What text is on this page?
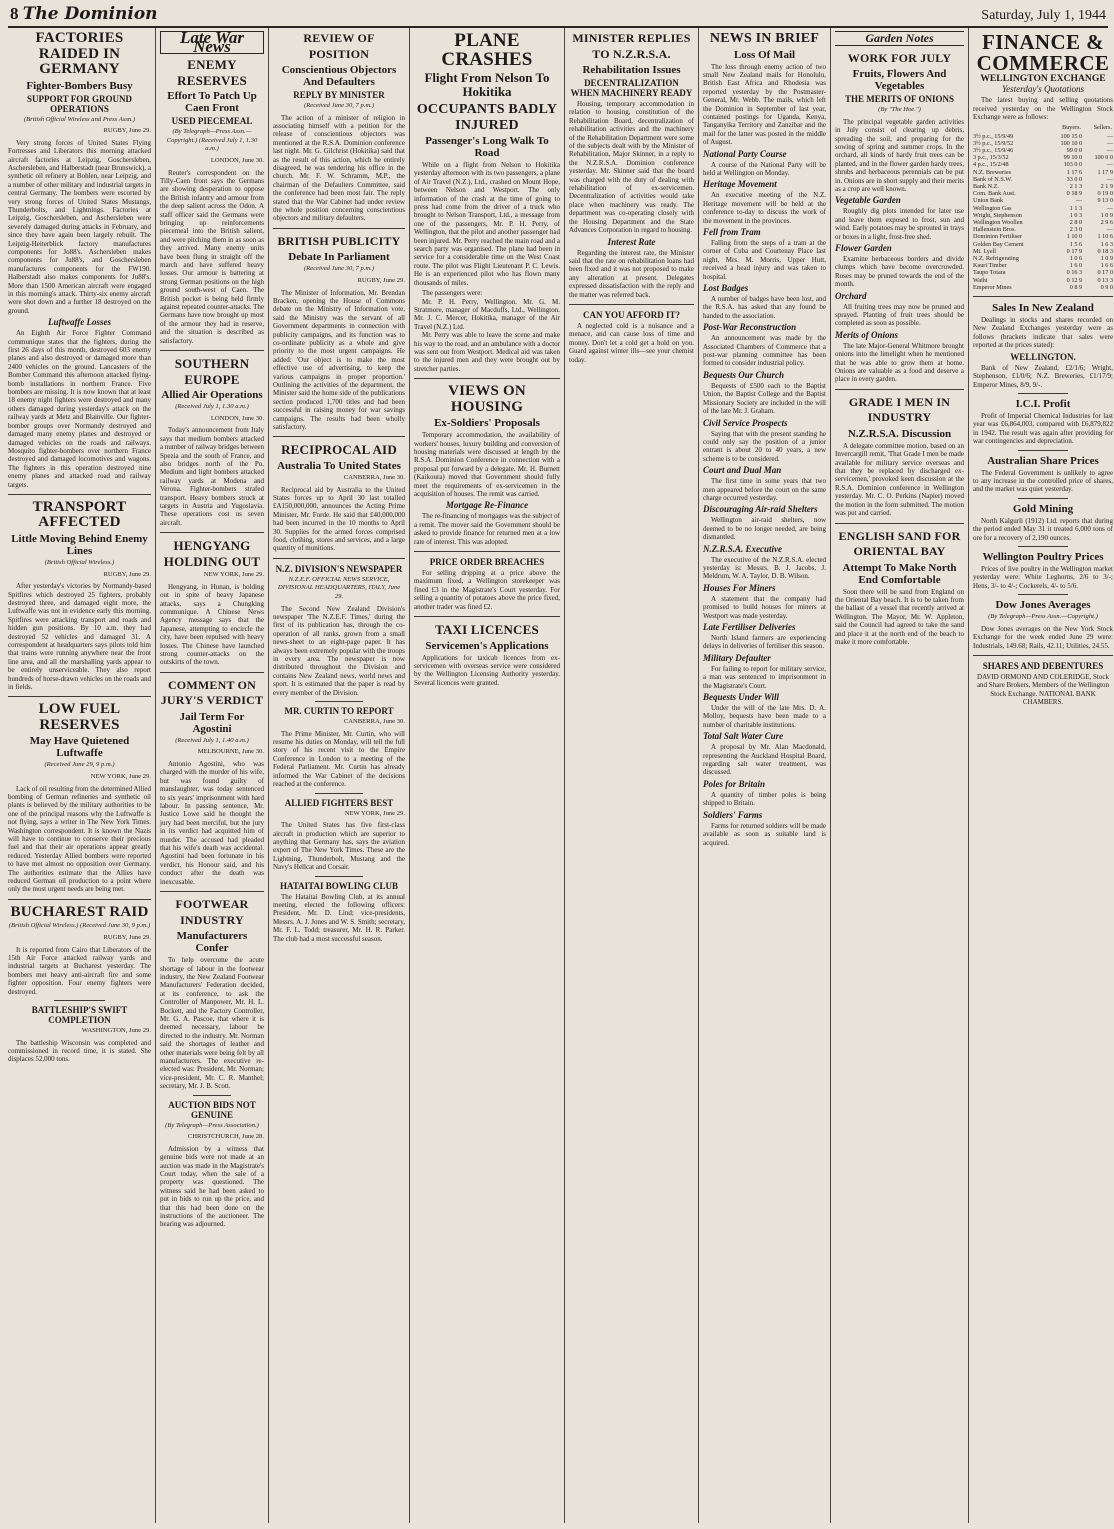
8 The Dominion	Saturday, July 1, 1944
FACTORIES RAIDED IN GERMANY
Fighter-Bombers Busy
SUPPORT FOR GROUND OPERATIONS
(British Official Wireless and Press Assn.)
RUGBY, June 29.

Very strong forces of United States Flying Fortresses and Liberators this morning attacked aircraft factories at Leipzig, Goschersleben, Aschersleben, and Halberstadt (near Brunswick), a synthetic oil refinery at Bohlen, near Leipzig, and a number of other military and industrial targets in central Germany. The bombers were escorted by very strong forces of United States Mustangs, Thunderbolts, and Lightnings. Factories at Leipzig, Goschersleben, and Aschersleben were severely damaged during attacks in February, and since they have again been largely rebuilt. The Leipzig-Heiterblick factory manufactures components for Jo88's. Aschersleben makes components for Ju88's, and Goschersleben manufactures components for the FW190. Halberstadt also makes components for Ju88's. More than 1500 American aircraft were engaged in this morning's attack. Thirty-six enemy aircraft were shot down and a further 18 destroyed on the ground.

Luftwaffe Losses

An Eighth Air Force Fighter Command communique states that the fighters, during the first 26 days of this month, destroyed 603 enemy planes and also destroyed or damaged more than 2400 vehicles on the ground. Lancasters of the Bomber Command this afternoon attacked flying-bomb installations in northern France. Five bombers are missing. It is now known that at least 18 enemy night fighters were destroyed and many others damaged during yesterday's attack on the railway yards at Metz and Blainville. Our fighter-bomber groups over Normandy destroyed and damaged many enemy planes and destroyed or damaged vehicles on the roads and railways. Mosquito fighter-bombers over northern France destroyed and damaged locomotives and wagons. The fighters in this operation destroyed nine enemy planes and attacked road and railway targets.

TRANSPORT AFFECTED
Little Moving Behind Enemy Lines
(British Official Wireless.)
RUGBY, June 29.

After yesterday's victories by Normandy-based Spitfires which destroyed 25 fighters, probably destroyed three, and damaged eight more, the Luftwaffe was not in evidence early this morning. Spitfires were attacking transport and roads and hidden gun positions. By 10 a.m. they had destroyed 52 vehicles and damaged 31. A correspondent at headquarters says pilots told him that trains were running anywhere near the front line area, and all the marshalling yards appear to be entirely unserviceable. They also report hundreds of horse-drawn vehicles on the roads and in fields.

LOW FUEL RESERVES
May Have Quietened Luftwaffe
(Received June 29, 9 p.m.)
NEW YORK, June 29.

Lack of oil resulting from the determined Allied bombing of German refineries and synthetic oil plants is believed by the military authorities to be one of the principal reasons why the Luftwaffe is not flying, says a writer in The New York Times. Washington correspondent. It is known the Nazis will have to continue to conserve their precious fuel and that their air operations appear greatly reduced. Yesterday Allied bombers were reported to have met almost no opposition over Germany. The authorities estimate that the Allies have reduced German oil production to a point where only the most urgent needs are being met.

BUCHAREST RAID
(British Official Wireless.) (Received June 30, 9 p.m.)
RUGBY, June 29.

It is reported from Cairo that Liberators of the 15th Air Force attacked railway yards and industrial targets at Bucharest yesterday. The bombers met heavy anti-aircraft fire and some fighter opposition. Four enemy fighters were destroyed.

BATTLESHIP'S SWIFT COMPLETION
WASHINGTON, June 29.

The battleship Wisconsin was completed and commissioned in record time, it is stated. She displaces 52,000 tons.

Late War News
ENEMY RESERVES
Effort To Patch Up Caen Front
USED PIECEMEAL
(By Telegraph—Press Assn.—Copyright.) (Received July 1, 1.30 a.m.)
LONDON, June 30.

Reuter's correspondent on the Tilly-Caen front says the Germans are showing desperation to oppose the British infantry and armour from the deep salient across the Odon. A staff officer said the Germans were bringing up reinforcements piecemeal into the British salient, and were pitching them in as soon as they arrived. Many enemy units have been flung in straight off the march and have suffered heavy losses. Our armour is battering at strong German positions on the high ground south-west of Caen. The British pocket is being held firmly against repeated counter-attacks. The Germans have now brought up most of the armour they had in reserve, and the situation is described as satisfactory.

SOUTHERN EUROPE
Allied Air Operations
(Received July 1, 1.30 a.m.)
LONDON, June 30.

Today's announcement from Italy says that medium bombers attacked a number of railway bridges between Spezia and the south of France, and also bridges north of the Po. Medium and light bombers attacked railway yards at Modena and Verona. Fighter-bombers strafed transport. Heavy bombers struck at targets in Austria and Yugoslavia. These operations cost us seven aircraft.

HENGYANG HOLDING OUT
NEW YORK, June 29.

Hengyang, in Hunan, is holding out in spite of heavy Japanese attacks, says a Chungking communique. A Chinese News Agency message says that the Japanese, attempting to encircle the city, have been repulsed with heavy losses. The Chinese have launched strong counter-attacks on the outskirts of the town.

COMMENT ON JURY'S VERDICT
Jail Term For Agostini
(Received July 1, 1.40 a.m.)
MELBOURNE, June 30.

Antonio Agostini, who was charged with the murder of his wife, but was found guilty of manslaughter, was today sentenced to six years' imprisonment with hard labour. In passing sentence, Mr. Justice Lowe said he thought the jury had been merciful, but the jury in its verdict had acquitted him of murder. The accused had pleaded that his wife's death was accidental. Agostini had been fortunate in his verdict, his Honour said, and his conduct after the death was inexcusable.

FOOTWEAR INDUSTRY
Manufacturers Confer

To help overcome the acute shortage of labour in the footwear industry, the New Zealand Footwear Manufacturers' Federation decided, at its conference, to ask the Controller of Manpower, Mr. H. L. Bockett, and the Factory Controller, Mr. G. A. Pascoe, that where it is deemed necessary, labour be directed to the industry. Mr. Norman said the shortages of leather and other materials were being felt by all manufacturers. The executive re-elected was: President, Mr. Norman; vice-president, Mr. C. R. Manthel; secretary, Mr. J. B. Scott.

AUCTION BIDS NOT GENUINE
(By Telegraph—Press Association.)
CHRISTCHURCH, June 28.

Admission by a witness that genuine bids were not made at an auction was made in the Magistrate's Court today, when the sale of a property was questioned. The witness said he had been asked to put in bids to run up the price, and that this had been done on the instructions of the auctioneer. The hearing was adjourned.

REVIEW OF POSITION
Conscientious Objectors And Defaulters
REPLY BY MINISTER
(Received June 30, 7 p.m.)

The action of a minister of religion in associating himself with a petition for the release of conscientious objectors was mentioned at the R.S.A. Dominion conference last night. Mr. G. Gilchrist (Hokitika) said that as the result of this action, which he entirely disagreed, he was tendering his office in the church. Mr. F. W. Schramm, M.P., the chairman of the Defaulters Committee, said the conference had been most fair. The reply stated that the War Cabinet had under review the whole position concerning conscientious objectors and military defaulters.

BRITISH PUBLICITY
Debate In Parliament
(Received June 30, 7 p.m.)
RUGBY, June 29.

The Minister of Information, Mr. Brendan Bracken, opening the House of Commons debate on the Ministry of Information vote, said the Ministry was the servant of all Government departments in connection with publicity campaigns, and its function was to co-ordinate publicity as a whole and give priority to the most urgent campaigns. He added: 'Our object is to make the most effective use of advertising, to keep the various campaigns in proper proportion.' Outlining the activities of the department, the Minister said the home side of the publications section produced 1,700 titles and had been successful in raising money for war savings campaigns. The results had been wholly satisfactory.

RECIPROCAL AID
Australia To United States
CANBERRA, June 30.

Reciprocal aid by Australia to the United States forces up to April 30 last totalled £A150,000,000, announces the Acting Prime Minister, Mr. Forde. He said that £40,000,000 had been incurred in the 10 months to April 30. Supplies for the armed forces comprised food, clothing, stores and services, and a large quantity of munitions.

N.Z. DIVISION'S NEWSPAPER
N.Z.E.F. OFFICIAL NEWS SERVICE, DIVISIONAL HEADQUARTERS, ITALY, June 29.

The Second New Zealand Division's newspaper 'The N.Z.E.F. Times,' during the first of its publication has, through the co-operation of all ranks, grown from a small news-sheet to an eight-page paper. It has always been extremely popular with the troops in every area. The newspaper is now distributed throughout the Division and contains New Zealand news, world news and sport. It is estimated that the paper is read by every member of the Division.

MR. CURTIN TO REPORT
CANBERRA, June 30.

The Prime Minister, Mr. Curtin, who will resume his duties on Monday, will tell the full story of his recent visit to the Empire Conference in London to a meeting of the Federal Parliament. Mr. Curtin has already informed the War Cabinet of the decisions reached at the conference.

ALLIED FIGHTERS BEST
NEW YORK, June 29.

The United States has five first-class aircraft in production which are superior to anything that Germany has, says the aviation expert of The New York Times. These are the Lightning, Thunderbolt, Mustang and the Navy's Hellcat and Corsair.

HATAITAI BOWLING CLUB

The Hataitai Bowling Club, at its annual meeting, elected the following officers: President, Mr. D. Lind; vice-presidents, Messrs. A. J. Jones and W. S. Smith; secretary, Mr. F. L. Todd; treasurer, Mr. H. R. Parker. The club had a most successful season.

PLANE CRASHES
Flight From Nelson To Hokitika
OCCUPANTS BADLY INJURED
Passenger's Long Walk To Road

While on a flight from Nelson to Hokitika yesterday afternoon with its two passengers, a plane of Air Travel (N.Z.), Ltd., crashed on Mount Hope, between Nelson and Westport. The only information of the crash at the time of going to press had come from the driver of a truck who brought to Nelson Transport, Ltd., a message from one of the passengers, Mr. P. H. Perry, of Wellington, that the pilot and another passenger had been injured. Mr. Perry reached the main road and a search party was organised. The plane had been in service for a considerable time on the West Coast route. The pilot was Flight Lieutenant P. C. Lewis. He is an experienced pilot who has flown many thousands of miles.

The passengers were:

Mr. P. H. Perry, Wellington. Mr. G. M. Stratmore, manager of Macduffs, Ltd., Wellington. Mr. J. C. Mercer, Hokitika, manager of the Air Travel (N.Z.) Ltd.

Mr. Perry was able to leave the scene and make his way to the road, and an ambulance with a doctor was sent out from Westport. Medical aid was taken to the injured men and they were brought out by stretcher parties.

VIEWS ON HOUSING
Ex-Soldiers' Proposals

Temporary accommodation, the availability of workers' houses, luxury building and conversion of housing materials were discussed at length by the R.S.A. Dominion Conference in connection with a proposal put forward by a delegate. Mr. H. Burnett (Kaikoura) moved that Government should fully meet the requirements of ex-servicemen in the acquisition of houses. The remit was carried.

Mortgage Re-Finance

The re-financing of mortgages was the subject of a remit. The mover said the Government should be asked to provide finance for returned men at a low rate of interest. This was adopted.

PRICE ORDER BREACHES

For selling dripping at a price above the maximum fixed, a Wellington storekeeper was fined £3 in the Magistrate's Court yesterday. For selling a quantity of potatoes above the price fixed, another trader was fined £2.

TAXI LICENCES
Servicemen's Applications

Applications for taxicab licences from ex-servicemen with overseas service were considered by the Wellington Licensing Authority yesterday. Several licences were granted.

MINISTER REPLIES TO N.Z.R.S.A.
Rehabilitation Issues
DECENTRALIZATION WHEN MACHINERY READY

Housing, temporary accommodation in relation to housing, constitution of the Rehabilitation Board, decentralization of rehabilitation activities and the machinery of the Rehabilitation Department were some of the subjects dealt with by the Minister of Rehabilitation, Major Skinner, in a reply to the N.Z.R.S.A. Dominion conference yesterday. Mr. Skinner said that the board was charged with the duty of dealing with rehabilitation of ex-servicemen. Decentralization of activities would take place when machinery was ready. The department was co-operating closely with the Housing Department and the State Advances Corporation in regard to housing.

Interest Rate

Regarding the interest rate, the Minister said that the rate on rehabilitation loans had been fixed and it was not proposed to make any alteration at present. Delegates expressed dissatisfaction with the reply and the matter was referred back.

CAN YOU AFFORD IT?

A neglected cold is a nuisance and a menace, and can cause loss of time and money. Don't let a cold get a hold on you. Guard against winter ills—see your chemist today.

NEWS IN BRIEF
Loss Of Mail

The loss through enemy action of two small New Zealand mails for Honolulu, British East Africa and Rhodesia was reported yesterday by the Postmaster-General, Mr. Webb. The mails, which left the Dominion in September of last year, contained postings for Uganda, Kenya, Tanganyika Territory and Zanzibar and the mail for the latter was posted in the middle of August.

National Party Course

A course of the National Party will be held at Wellington on Monday.

Heritage Movement

An executive meeting of the N.Z. Heritage movement will be held at the conference to-day to discuss the work of the movement in the provinces.

Fell from Tram

Falling from the steps of a tram at the corner of Cuba and Courtenay Place last night, Mrs. M. Morris, Upper Hutt, received a head injury and was taken to hospital.

Lost Badges

A number of badges have been lost, and the R.S.A. has asked that any found be handed to the association.

Post-War Reconstruction

An announcement was made by the Associated Chambers of Commerce that a post-war planning committee has been formed to consider industrial policy.

Bequests Our Church

Bequests of £500 each to the Baptist Union, the Baptist College and the Baptist Missionary Society are included in the will of the late Mr. J. Graham.

Civil Service Prospects

Saying that with the present standing he could only say the position of a junior entrant is about 20 to 40 years, a new scheme is to be considered.

Court and Dual Man

The first time in some years that two men appeared before the court on the same charge occurred yesterday.

Discouraging Air-raid Shelters

Wellington air-raid shelters, now deemed to be no longer needed, are being dismantled.

N.Z.R.S.A. Executive

The executive of the N.Z.R.S.A. elected yesterday is: Messrs. B. J. Jacobs, J. Meldrum, W. A. Taylor, D. B. Wilson.

Houses For Miners

A statement that the company had promised to build houses for miners at Westport was made yesterday.

Late Fertiliser Deliveries

North Island farmers are experiencing delays in deliveries of fertiliser this season.

Military Defaulter

For failing to report for military service, a man was sentenced to imprisonment in the Magistrate's Court.

Bequests Under Will

Under the will of the late Mrs. D. A. Molloy, bequests have been made to a number of charitable institutions.

Total Salt Water Cure

A proposal by Mr. Alan Macdonald, representing the Auckland Hospital Board, regarding salt water treatment, was discussed.

Poles for Britain

A quantity of timber poles is being shipped to Britain.

Soldiers' Farms

Farms for returned soldiers will be made available as soon as suitable land is acquired.

Garden Notes
WORK FOR JULY
Fruits, Flowers And Vegetables
THE MERITS OF ONIONS
(By "The Hoe.")

The principal vegetable garden activities in July consist of clearing up debris, spreading the soil, and preparing for the sowing of spring and summer crops. In the orchard, all kinds of hardy fruit trees can be planted, and in the flower garden hardy trees, shrubs and herbaceous perennials can be put in. Onions are in short supply and their merits as a crop are well known.

Vegetable Garden

Roughly dig plots intended for later use and leave them exposed to frost, sun and wind. Early potatoes may be sprouted in trays or boxes in a light, frost-free shed.

Flower Garden

Examine herbaceous borders and divide clumps which have become overcrowded. Roses may be pruned towards the end of the month.

Orchard

All fruiting trees may now be pruned and sprayed. Planting of fruit trees should be completed as soon as possible.

Merits of Onions

The late Major-General Whitmore brought onions into the limelight when he mentioned that he was able to grow them at home. Onions are valuable as a food and deserve a place in every garden.

GRADE I MEN IN INDUSTRY
N.Z.R.S.A. Discussion

A delegate committee motion, based on an Invercargill remit, 'That Grade I men be made available for military service overseas and that they be replaced by discharged ex-servicemen,' provoked keen discussion at the R.S.A. Dominion conference in Wellington yesterday. Mr. C. O. Perkins (Napier) moved the motion in the form submitted. The motion was put and carried.

ENGLISH SAND FOR ORIENTAL BAY
Attempt To Make North End Comfortable

Soon there will be sand from England on the Oriental Bay beach. It is to be taken from the ballast of a vessel that recently arrived at Wellington. The Mayor, Mr. W. Appleton, said the Council had agreed to take the sand and place it at the north end of the beach to make it more comfortable.

FINANCE & COMMERCE
WELLINGTON EXCHANGE
Yesterday's Quotations

The latest buying and selling quotations received yesterday on the Wellington Stock Exchange were as follows:

	Buyers.	Sellers.
3½ p.c., 15/9/49	100 15 0	—
3½ p.c., 15/9/52	100 10 0	—
3½ p.c., 15/9/46	99 0 0	—
3 p.c., 15/3/52	99 10 0	100 0 0
4 p.c., 15/2/48	103 0 0	—
N.Z. Breweries	1 17 6	1 17 9
Bank of N.S.W.	33 0 0	—
Bank N.Z.	2 1 3	2 1 9
Com. Bank Aust.	0 18 9	0 19 0
Union Bank	—	9 13 0
Wellington Gas	1 1 3	—
Wright, Stephenson	1 0 3	1 0 9
Wellington Woollen	2 8 0	2 9 6
Hallenstein Bros.	2 3 0	—
Dominion Fertiliser	1 10 0	1 10 6
Golden Bay Cement	1 5 6	1 6 3
Mt. Lyell	0 17 9	0 18 3
N.Z. Refrigerating	1 0 6	1 0 9
Kauri Timber	1 6 0	1 6 6
Taupo Totara	0 16 3	0 17 0
Waihi	0 12 9	0 13 3
Emperor Mines	0 8 9	0 9 0
Sales In New Zealand

Dealings in stocks and shares recorded on New Zealand Exchanges yesterday were as follows (brackets indicate that sales were reported at the prices stated):

WELLINGTON.

Bank of New Zealand, £2/1/6; Wright, Stephenson, £1/0/6; N.Z. Breweries, £1/17/9; Emperor Mines, 8/9, 9/-.

I.C.I. Profit

Profit of Imperial Chemical Industries for last year was £6,864,003, compared with £6,879,822 in 1942. The result was again after providing for war contingencies and depreciation.

Australian Share Prices

The Federal Government is unlikely to agree to any increase in the controlled price of shares, and the market was quiet yesterday.

Gold Mining

North Kalgurli (1912) Ltd. reports that during the period ended May 31 it treated 6,000 tons of ore for a recovery of 2,190 ounces.

Wellington Poultry Prices

Prices of live poultry in the Wellington market yesterday were: White Leghorns, 2/6 to 3/-; Hens, 3/- to 4/-; Cockerels, 4/- to 5/6.

Dow Jones Averages
(By Telegraph—Press Assn.—Copyright.)

Dow Jones averages on the New York Stock Exchange for the week ended June 29 were: Industrials, 149.68; Rails, 42.11; Utilities, 24.55.

SHARES AND DEBENTURES

DAVID ORMOND AND COLERIDGE, Stock and Share Brokers, Members of the Wellington Stock Exchange. NATIONAL BANK CHAMBERS.
